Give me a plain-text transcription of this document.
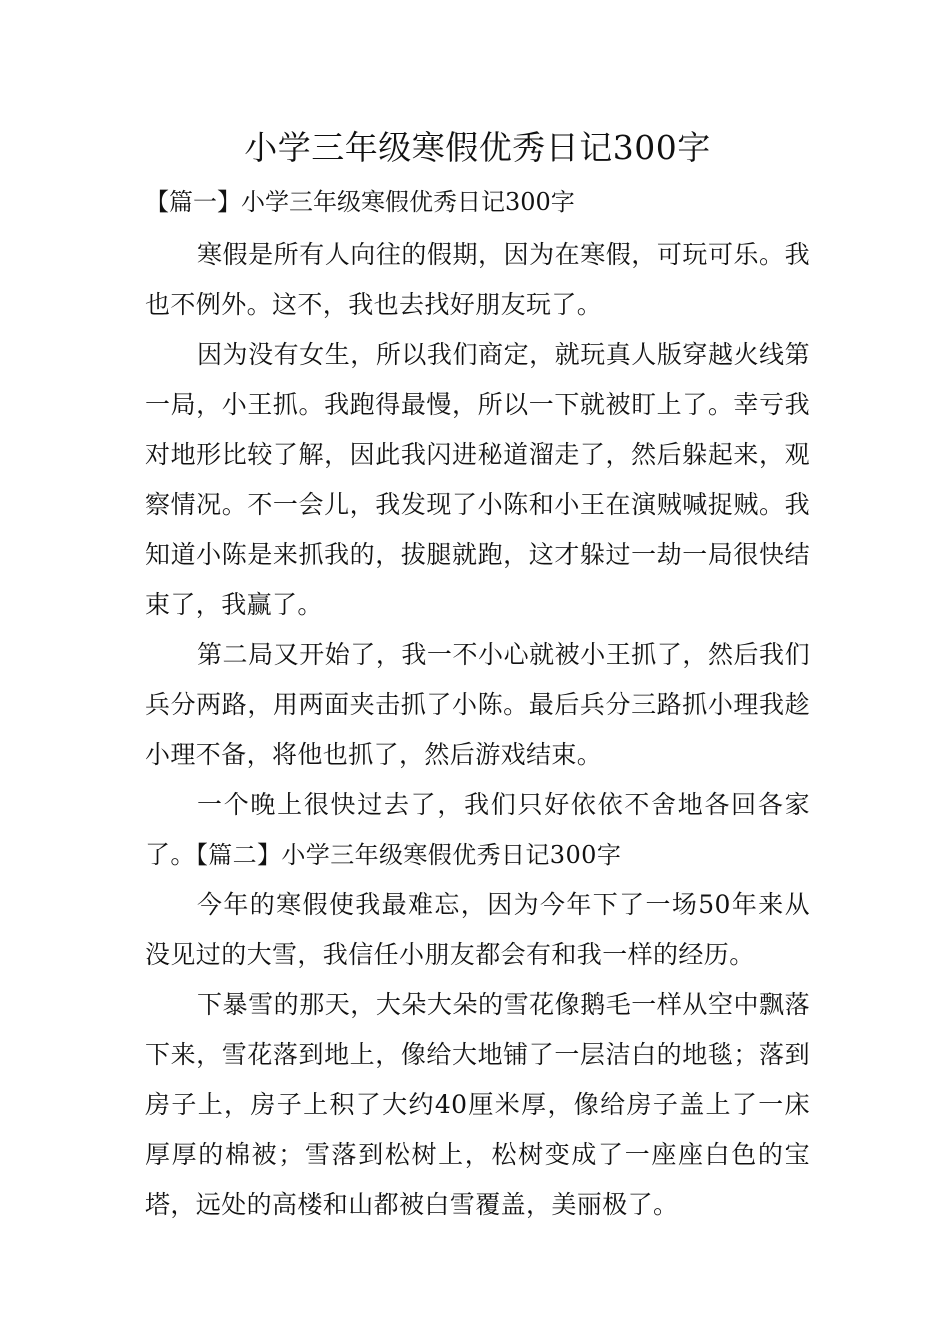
小学三年级寒假优秀日记300字

【篇一】小学三年级寒假优秀日记300字

寒假是所有人向往的假期，因为在寒假，可玩可乐。我也不例外。这不，我也去找好朋友玩了。

因为没有女生，所以我们商定，就玩真人版穿越火线第一局，小王抓。我跑得最慢，所以一下就被盯上了。幸亏我对地形比较了解，因此我闪进秘道溜走了，然后躲起来，观察情况。不一会儿，我发现了小陈和小王在演贼喊捉贼。我知道小陈是来抓我的，拔腿就跑，这才躲过一劫一局很快结束了，我赢了。

第二局又开始了，我一不小心就被小王抓了，然后我们兵分两路，用两面夹击抓了小陈。最后兵分三路抓小理我趁小理不备，将他也抓了，然后游戏结束。

一个晚上很快过去了，我们只好依依不舍地各回各家了。【篇二】小学三年级寒假优秀日记300字

今年的寒假使我最难忘，因为今年下了一场50年来从没见过的大雪，我信任小朋友都会有和我一样的经历。

下暴雪的那天，大朵大朵的雪花像鹅毛一样从空中飘落下来，雪花落到地上，像给大地铺了一层洁白的地毯；落到房子上，房子上积了大约40厘米厚，像给房子盖上了一床厚厚的棉被；雪落到松树上，松树变成了一座座白色的宝塔，远处的高楼和山都被白雪覆盖，美丽极了。
